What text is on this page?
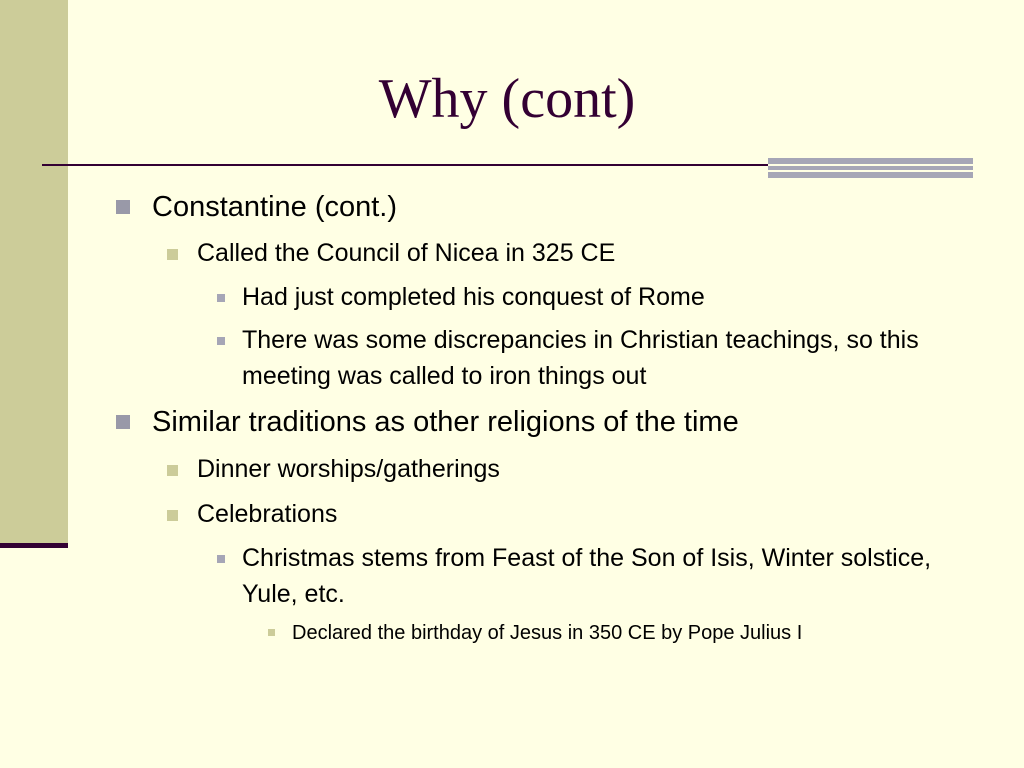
Why (cont)
Constantine (cont.)
Called the Council of Nicea in 325 CE
Had just completed his conquest of Rome
There was some discrepancies in Christian teachings, so this meeting was called to iron things out
Similar traditions as other religions of the time
Dinner worships/gatherings
Celebrations
Christmas stems from Feast of the Son of Isis, Winter solstice, Yule, etc.
Declared the birthday of Jesus in 350 CE by Pope Julius I
